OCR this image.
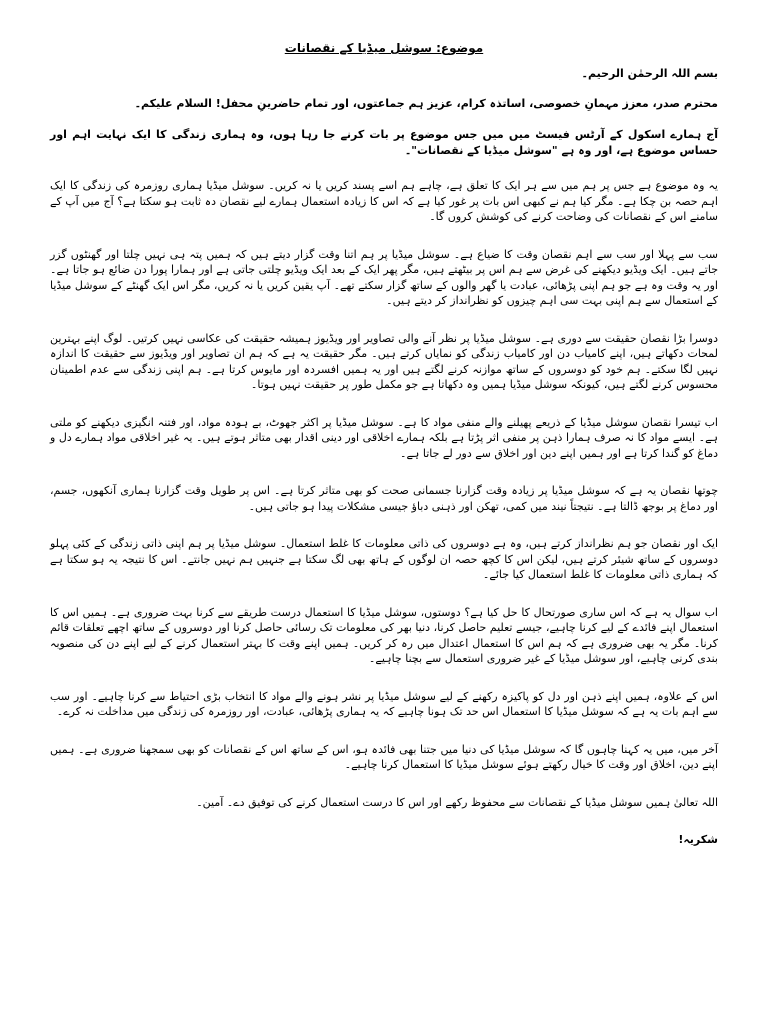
موضوع: سوشل میڈیا کے نقصانات

بسم اللہ الرحمٰن الرحیم۔

محترم صدر، معزز مہمانِ خصوصی، اساتذہ کرام، عزیز ہم جماعتوں، اور تمام حاضرینِ محفل! السلام علیکم۔

آج ہمارے اسکول کے آرٹس فیسٹ میں میں جس موضوع پر بات کرنے جا رہا ہوں، وہ ہماری زندگی کا ایک نہایت اہم اور حساس موضوع ہے، اور وہ ہے "سوشل میڈیا کے نقصانات"۔

یہ وہ موضوع ہے جس پر ہم میں سے ہر ایک کا تعلق ہے، چاہے ہم اسے پسند کریں یا نہ کریں۔ سوشل میڈیا ہماری روزمرہ کی زندگی کا ایک اہم حصہ بن چکا ہے۔ مگر کیا ہم نے کبھی اس بات پر غور کیا ہے کہ اس کا زیادہ استعمال ہمارے لیے نقصان دہ ثابت ہو سکتا ہے؟ آج میں آپ کے سامنے اس کے نقصانات کی وضاحت کرنے کی کوشش کروں گا۔

سب سے پہلا اور سب سے اہم نقصان وقت کا ضیاع ہے۔ سوشل میڈیا پر ہم اتنا وقت گزار دیتے ہیں کہ ہمیں پتہ ہی نہیں چلتا اور گھنٹوں گزر جاتے ہیں۔ ایک ویڈیو دیکھنے کی غرض سے ہم اس پر بیٹھتے ہیں، مگر پھر ایک کے بعد ایک ویڈیو چلتی جاتی ہے اور ہمارا پورا دن ضائع ہو جاتا ہے۔ اور یہ وقت وہ ہے جو ہم اپنی پڑھائی، عبادت یا گھر والوں کے ساتھ گزار سکتے تھے۔ آپ یقین کریں یا نہ کریں، مگر اس ایک گھنٹے کے سوشل میڈیا کے استعمال سے ہم اپنی بہت سی اہم چیزوں کو نظرانداز کر دیتے ہیں۔

دوسرا بڑا نقصان حقیقت سے دوری ہے۔ سوشل میڈیا پر نظر آنے والی تصاویر اور ویڈیوز ہمیشہ حقیقت کی عکاسی نہیں کرتیں۔ لوگ اپنے بہترین لمحات دکھاتے ہیں، اپنے کامیاب دن اور کامیاب زندگی کو نمایاں کرتے ہیں۔ مگر حقیقت یہ ہے کہ ہم ان تصاویر اور ویڈیوز سے حقیقت کا اندازہ نہیں لگا سکتے۔ ہم خود کو دوسروں کے ساتھ موازنہ کرنے لگتے ہیں اور یہ ہمیں افسردہ اور مایوس کرتا ہے۔ ہم اپنی زندگی سے عدم اطمینان محسوس کرنے لگتے ہیں، کیونکہ سوشل میڈیا ہمیں وہ دکھاتا ہے جو مکمل طور پر حقیقت نہیں ہوتا۔

اب تیسرا نقصان سوشل میڈیا کے ذریعے پھیلنے والے منفی مواد کا ہے۔ سوشل میڈیا پر اکثر جھوٹ، بے ہودہ مواد، اور فتنہ انگیزی دیکھنے کو ملتی ہے۔ ایسے مواد کا نہ صرف ہمارا ذہن پر منفی اثر پڑتا ہے بلکہ ہمارے اخلاقی اور دینی اقدار بھی متاثر ہوتے ہیں۔ یہ غیر اخلاقی مواد ہمارے دل و دماغ کو گندا کرتا ہے اور ہمیں اپنے دین اور اخلاق سے دور لے جاتا ہے۔

چوتھا نقصان یہ ہے کہ سوشل میڈیا پر زیادہ وقت گزارنا جسمانی صحت کو بھی متاثر کرتا ہے۔ اس پر طویل وقت گزارنا ہماری آنکھوں، جسم، اور دماغ پر بوجھ ڈالتا ہے۔ نتیجتاً نیند میں کمی، تھکن اور ذہنی دباؤ جیسی مشکلات پیدا ہو جاتی ہیں۔

ایک اور نقصان جو ہم نظرانداز کرتے ہیں، وہ ہے دوسروں کی ذاتی معلومات کا غلط استعمال۔ سوشل میڈیا پر ہم اپنی ذاتی زندگی کے کئی پہلو دوسروں کے ساتھ شیئر کرتے ہیں، لیکن اس کا کچھ حصہ ان لوگوں کے ہاتھ بھی لگ سکتا ہے جنہیں ہم نہیں جانتے۔ اس کا نتیجہ یہ ہو سکتا ہے کہ ہماری ذاتی معلومات کا غلط استعمال کیا جائے۔

اب سوال یہ ہے کہ اس ساری صورتحال کا حل کیا ہے؟ دوستوں، سوشل میڈیا کا استعمال درست طریقے سے کرنا بہت ضروری ہے۔ ہمیں اس کا استعمال اپنے فائدے کے لیے کرنا چاہیے، جیسے تعلیم حاصل کرنا، دنیا بھر کی معلومات تک رسائی حاصل کرنا اور دوسروں کے ساتھ اچھے تعلقات قائم کرنا۔ مگر یہ بھی ضروری ہے کہ ہم اس کا استعمال اعتدال میں رہ کر کریں۔ ہمیں اپنے وقت کا بہتر استعمال کرنے کے لیے اپنے دن کی منصوبہ بندی کرنی چاہیے، اور سوشل میڈیا کے غیر ضروری استعمال سے بچنا چاہیے۔

اس کے علاوہ، ہمیں اپنے ذہن اور دل کو پاکیزہ رکھنے کے لیے سوشل میڈیا پر نشر ہونے والے مواد کا انتخاب بڑی احتیاط سے کرنا چاہیے۔ اور سب سے اہم بات یہ ہے کہ سوشل میڈیا کا استعمال اس حد تک ہونا چاہیے کہ یہ ہماری پڑھائی، عبادت، اور روزمرہ کی زندگی میں مداخلت نہ کرے۔

آخر میں، میں یہ کہنا چاہوں گا کہ سوشل میڈیا کی دنیا میں جتنا بھی فائدہ ہو، اس کے ساتھ اس کے نقصانات کو بھی سمجھنا ضروری ہے۔ ہمیں اپنے دین، اخلاق اور وقت کا خیال رکھتے ہوئے سوشل میڈیا کا استعمال کرنا چاہیے۔

اللہ تعالیٰ ہمیں سوشل میڈیا کے نقصانات سے محفوظ رکھے اور اس کا درست استعمال کرنے کی توفیق دے۔ آمین۔

شکریہ!
